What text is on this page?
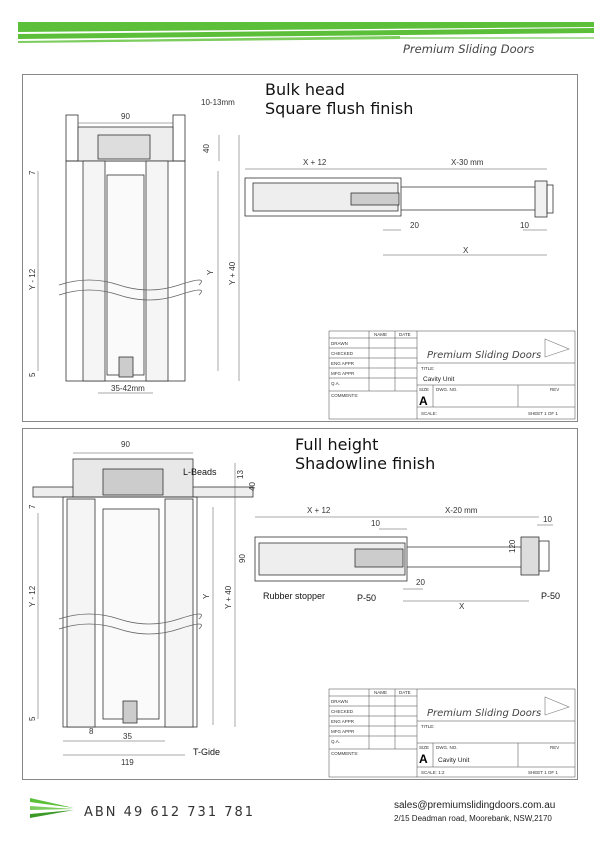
Premium Sliding Doors
90
10-13mm
40
7
Y - 12	Y Y + 40
5
35-42mm
X + 12	X-30 mm
20	10
X
NAME	DATE
DRAWN
CHECKED
ENG APPR
MFG APPR
Q.A.
COMMENTS:
Premium Sliding Doors
TITLE:
Cavity Unit
SIZE
A
DWG. NO.	REV
SCALE:	SHEET 1 OF 1
Bulk head
Square flush finish
90
L-Beads 13
40
7
Y - 12	Y Y + 40
5
8
35
119
T-Gide
X + 12	X-20 mm
10	10
90
120
20
X
Rubber stopper	P-50	P-50
NAME	DATE
DRAWN
CHECKED
ENG APPR
MFG APPR
Q.A.
COMMENTS:
Premium Sliding Doors
TITLE:
SIZE
A
DWG. NO.
Cavity Unit
REV
SCALE: 1:2	SHEET 1 OF 1
Full height
Shadowline finish
ABN 49 612 731 781	sales@premiumslidingdoors.com.au
2/15 Deadman road, Moorebank, NSW,2170
